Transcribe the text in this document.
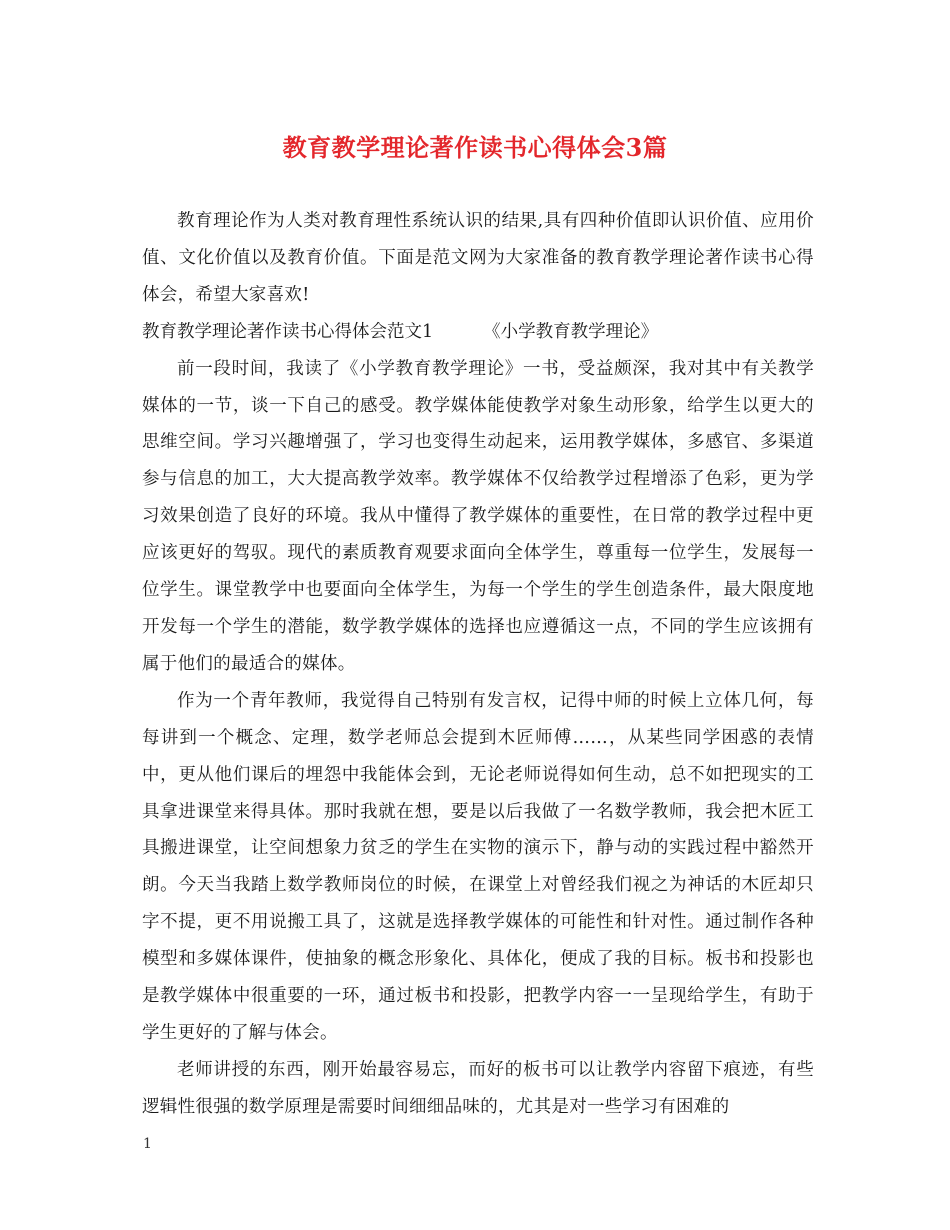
教育教学理论著作读书心得体会3篇

教育理论作为人类对教育理性系统认识的结果,具有四种价值即认识价值、应用价值、文化价值以及教育价值。下面是范文网为大家准备的教育教学理论著作读书心得体会，希望大家喜欢!

教育教学理论著作读书心得体会范文1	《小学教育教学理论》

前一段时间，我读了《小学教育教学理论》一书，受益颇深，我对其中有关教学媒体的一节，谈一下自己的感受。教学媒体能使教学对象生动形象，给学生以更大的思维空间。学习兴趣增强了，学习也变得生动起来，运用教学媒体，多感官、多渠道参与信息的加工，大大提高教学效率。教学媒体不仅给教学过程增添了色彩，更为学习效果创造了良好的环境。我从中懂得了教学媒体的重要性，在日常的教学过程中更应该更好的驾驭。现代的素质教育观要求面向全体学生，尊重每一位学生，发展每一位学生。课堂教学中也要面向全体学生，为每一个学生的学生创造条件，最大限度地开发每一个学生的潜能，数学教学媒体的选择也应遵循这一点，不同的学生应该拥有属于他们的最适合的媒体。

作为一个青年教师，我觉得自己特别有发言权，记得中师的时候上立体几何，每每讲到一个概念、定理，数学老师总会提到木匠师傅……，从某些同学困惑的表情中，更从他们课后的埋怨中我能体会到，无论老师说得如何生动，总不如把现实的工具拿进课堂来得具体。那时我就在想，要是以后我做了一名数学教师，我会把木匠工具搬进课堂，让空间想象力贫乏的学生在实物的演示下，静与动的实践过程中豁然开朗。今天当我踏上数学教师岗位的时候，在课堂上对曾经我们视之为神话的木匠却只字不提，更不用说搬工具了，这就是选择教学媒体的可能性和针对性。通过制作各种模型和多媒体课件，使抽象的概念形象化、具体化，便成了我的目标。板书和投影也是教学媒体中很重要的一环，通过板书和投影，把教学内容一一呈现给学生，有助于学生更好的了解与体会。

老师讲授的东西，刚开始最容易忘，而好的板书可以让教学内容留下痕迹，有些逻辑性很强的数学原理是需要时间细细品味的，尤其是对一些学习有困难的

1
